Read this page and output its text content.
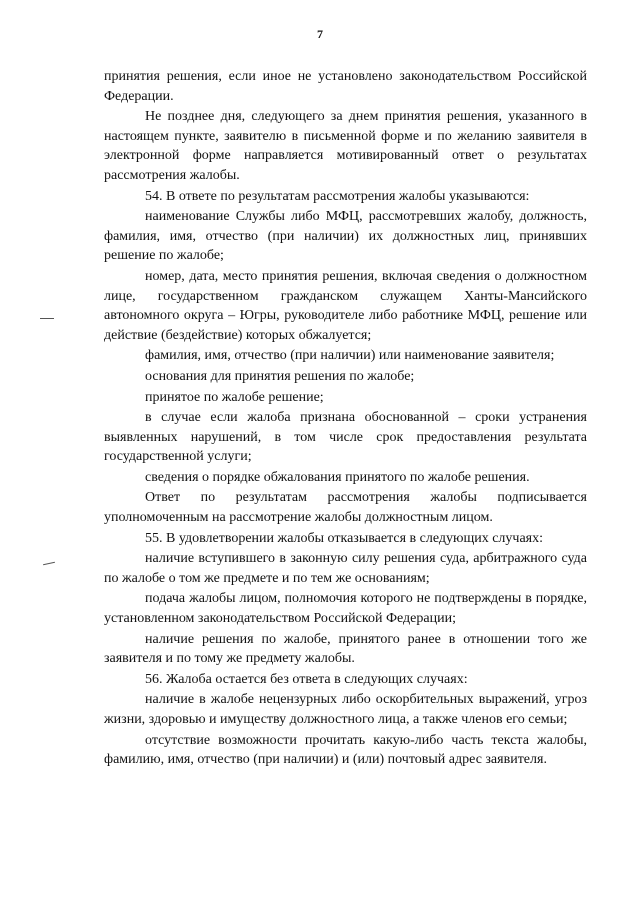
7

принятия решения, если иное не установлено законодательством Российской Федерации.

Не позднее дня, следующего за днем принятия решения, указанного в настоящем пункте, заявителю в письменной форме и по желанию заявителя в электронной форме направляется мотивированный ответ о результатах рассмотрения жалобы.

54. В ответе по результатам рассмотрения жалобы указываются:

наименование Службы либо МФЦ, рассмотревших жалобу, должность, фамилия, имя, отчество (при наличии) их должностных лиц, принявших решение по жалобе;

номер, дата, место принятия решения, включая сведения о должностном лице, государственном гражданском служащем Ханты-Мансийского автономного округа – Югры, руководителе либо работнике МФЦ, решение или действие (бездействие) которых обжалуется;

фамилия, имя, отчество (при наличии) или наименование заявителя;

основания для принятия решения по жалобе;

принятое по жалобе решение;

в случае если жалоба признана обоснованной – сроки устранения выявленных нарушений, в том числе срок предоставления результата государственной услуги;

сведения о порядке обжалования принятого по жалобе решения.

Ответ по результатам рассмотрения жалобы подписывается уполномоченным на рассмотрение жалобы должностным лицом.

55. В удовлетворении жалобы отказывается в следующих случаях:

наличие вступившего в законную силу решения суда, арбитражного суда по жалобе о том же предмете и по тем же основаниям;

подача жалобы лицом, полномочия которого не подтверждены в порядке, установленном законодательством Российской Федерации;

наличие решения по жалобе, принятого ранее в отношении того же заявителя и по тому же предмету жалобы.

56. Жалоба остается без ответа в следующих случаях:

наличие в жалобе нецензурных либо оскорбительных выражений, угроз жизни, здоровью и имуществу должностного лица, а также членов его семьи;

отсутствие возможности прочитать какую-либо часть текста жалобы, фамилию, имя, отчество (при наличии) и (или) почтовый адрес заявителя.
